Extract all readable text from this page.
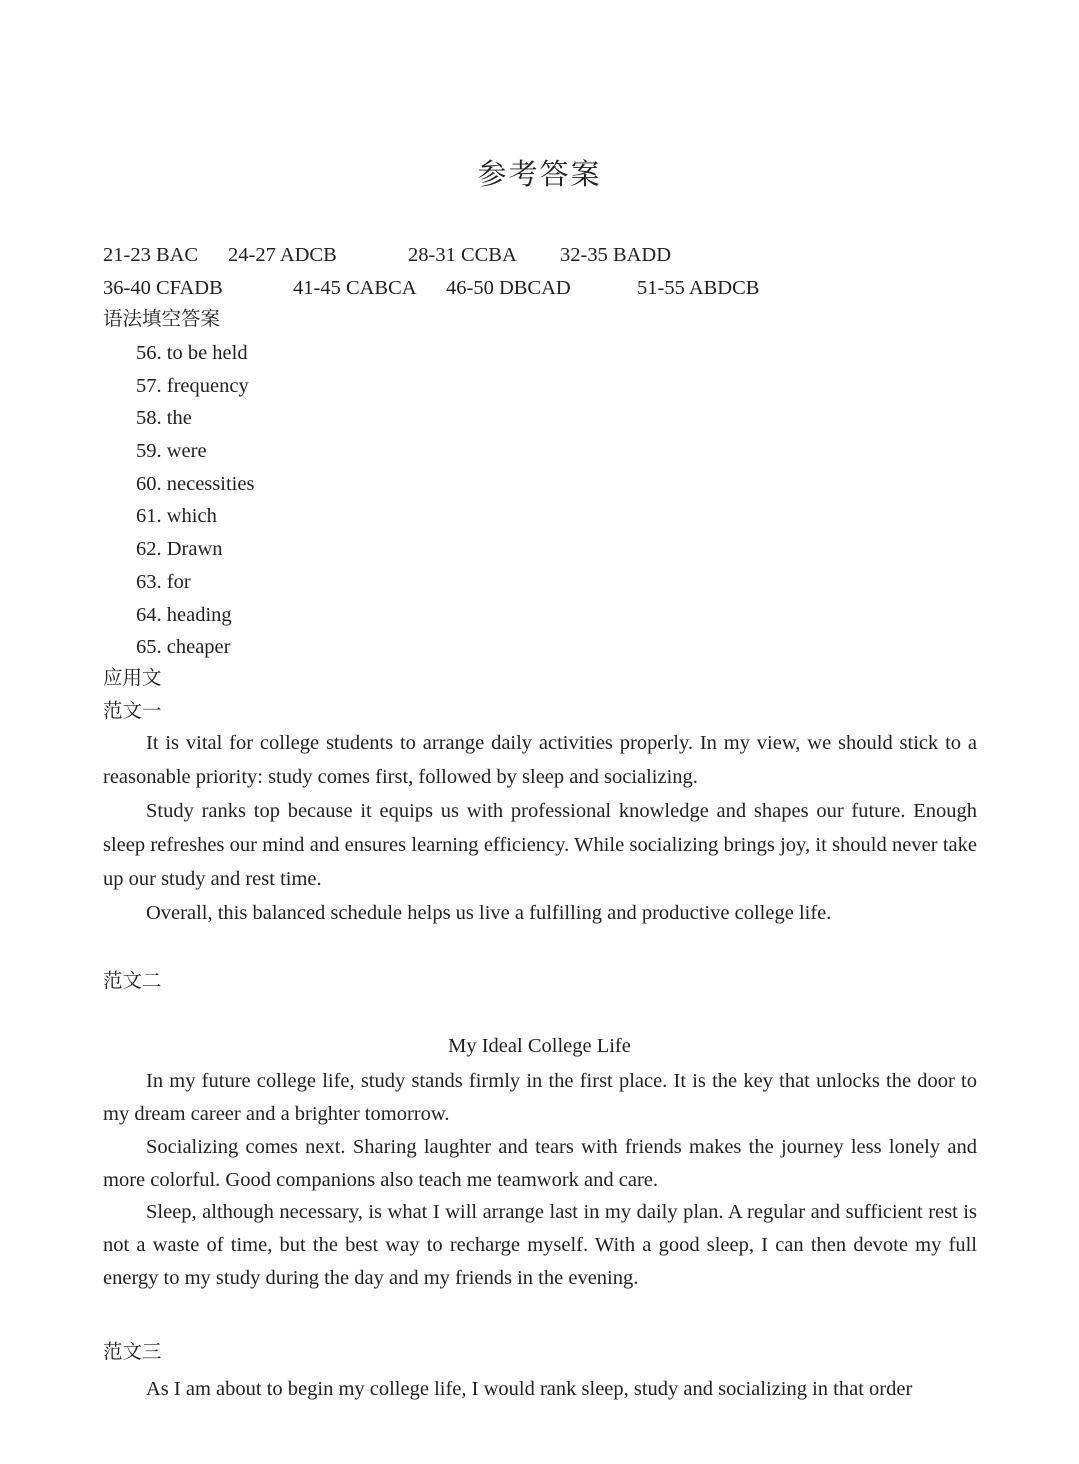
参考答案
21-23 BAC 24-27 ADCB	28-31 CCBA 32-35 BADD
36-40 CFADB	41-45 CABCA 46-50 DBCAD	51-55 ABDCB
语法填空答案
56. to be held
57. frequency
58. the
59. were
60. necessities
61. which
62. Drawn
63. for
64. heading
65. cheaper
应用文
范文一

It is vital for college students to arrange daily activities properly. In my view, we should stick to a reasonable priority: study comes first, followed by sleep and socializing.

Study ranks top because it equips us with professional knowledge and shapes our future. Enough sleep refreshes our mind and ensures learning efficiency. While socializing brings joy, it should never take up our study and rest time.

Overall, this balanced schedule helps us live a fulfilling and productive college life.

范文二
My Ideal College Life

In my future college life, study stands firmly in the first place. It is the key that unlocks the door to my dream career and a brighter tomorrow.

Socializing comes next. Sharing laughter and tears with friends makes the journey less lonely and more colorful. Good companions also teach me teamwork and care.

Sleep, although necessary, is what I will arrange last in my daily plan. A regular and sufficient rest is not a waste of time, but the best way to recharge myself. With a good sleep, I can then devote my full energy to my study during the day and my friends in the evening.

范文三

As I am about to begin my college life, I would rank sleep, study and socializing in that order
